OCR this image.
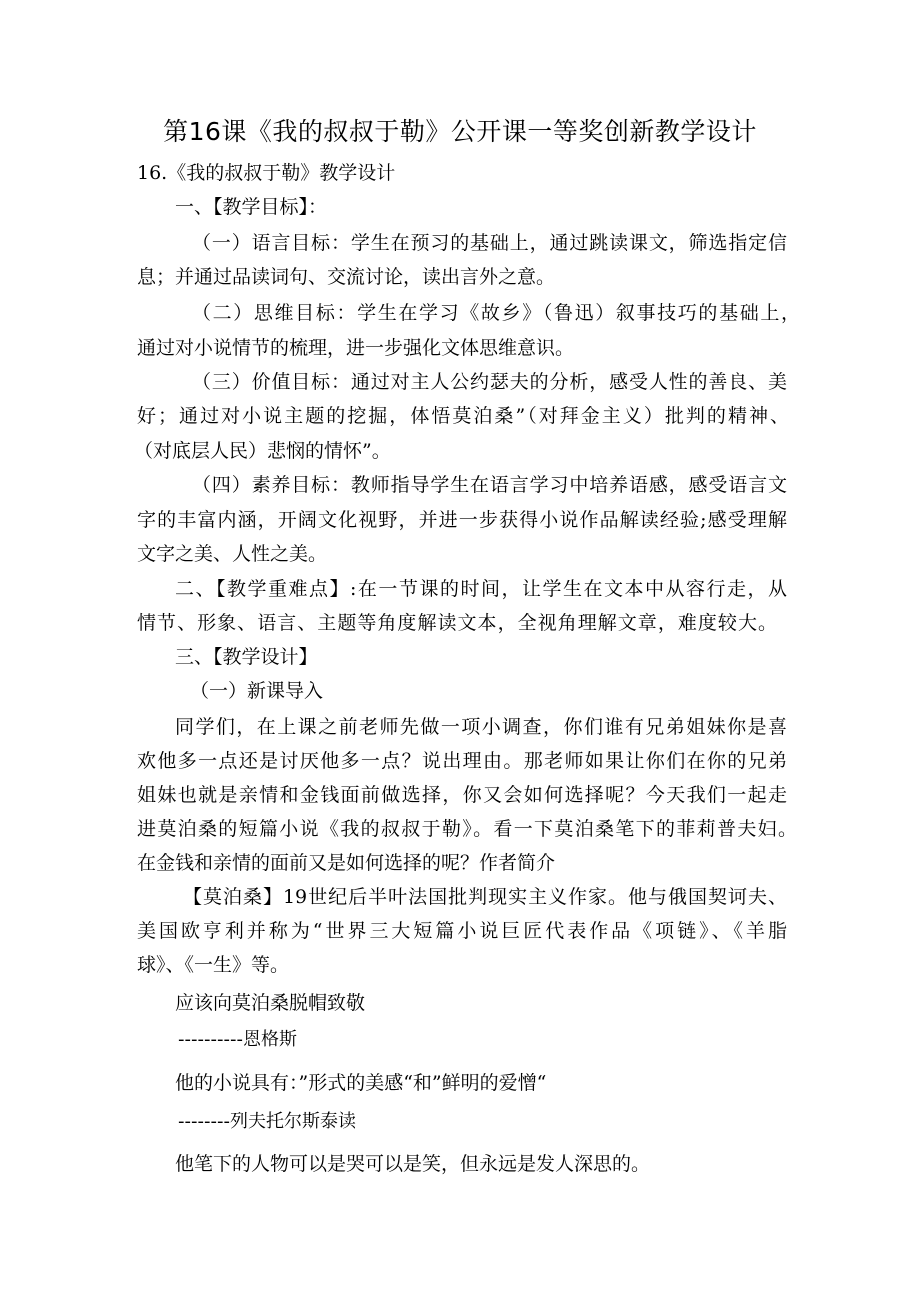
第16课《我的叔叔于勒》公开课一等奖创新教学设计
16.《我的叔叔于勒》教学设计
一、【教学目标】：
（一）语言目标：学生在预习的基础上，通过跳读课文，筛选指定信
息；并通过品读词句、交流讨论，读出言外之意。
（二）思维目标：学生在学习《故乡》（鲁迅）叙事技巧的基础上，
通过对小说情节的梳理，进一步强化文体思维意识。
（三）价值目标：通过对主人公约瑟夫的分析，感受人性的善良、美
好；通过对小说主题的挖掘，体悟莫泊桑”（对拜金主义）批判的精神、
（对底层人民）悲悯的情怀”。
（四）素养目标：教师指导学生在语言学习中培养语感，感受语言文
字的丰富内涵，开阔文化视野，并进一步获得小说作品解读经验;感受理解
文字之美、人性之美。
二、【教学重难点】:在一节课的时间，让学生在文本中从容行走，从
情节、形象、语言、主题等角度解读文本，全视角理解文章，难度较大。
三、【教学设计】
（一）新课导入
同学们，在上课之前老师先做一项小调查，你们谁有兄弟姐妹你是喜
欢他多一点还是讨厌他多一点？说出理由。那老师如果让你们在你的兄弟
姐妹也就是亲情和金钱面前做选择，你又会如何选择呢？今天我们一起走
进莫泊桑的短篇小说《我的叔叔于勒》。看一下莫泊桑笔下的菲莉普夫妇。
在金钱和亲情的面前又是如何选择的呢？作者简介
【莫泊桑】19世纪后半叶法国批判现实主义作家。他与俄国契诃夫、
美国欧亨利并称为“世界三大短篇小说巨匠代表作品《项链》、《羊脂
球》、《一生》等。
应该向莫泊桑脱帽致敬
----------恩格斯
他的小说具有：”形式的美感“和”鲜明的爱憎“
--------列夫托尔斯泰读
他笔下的人物可以是哭可以是笑，但永远是发人深思的。
